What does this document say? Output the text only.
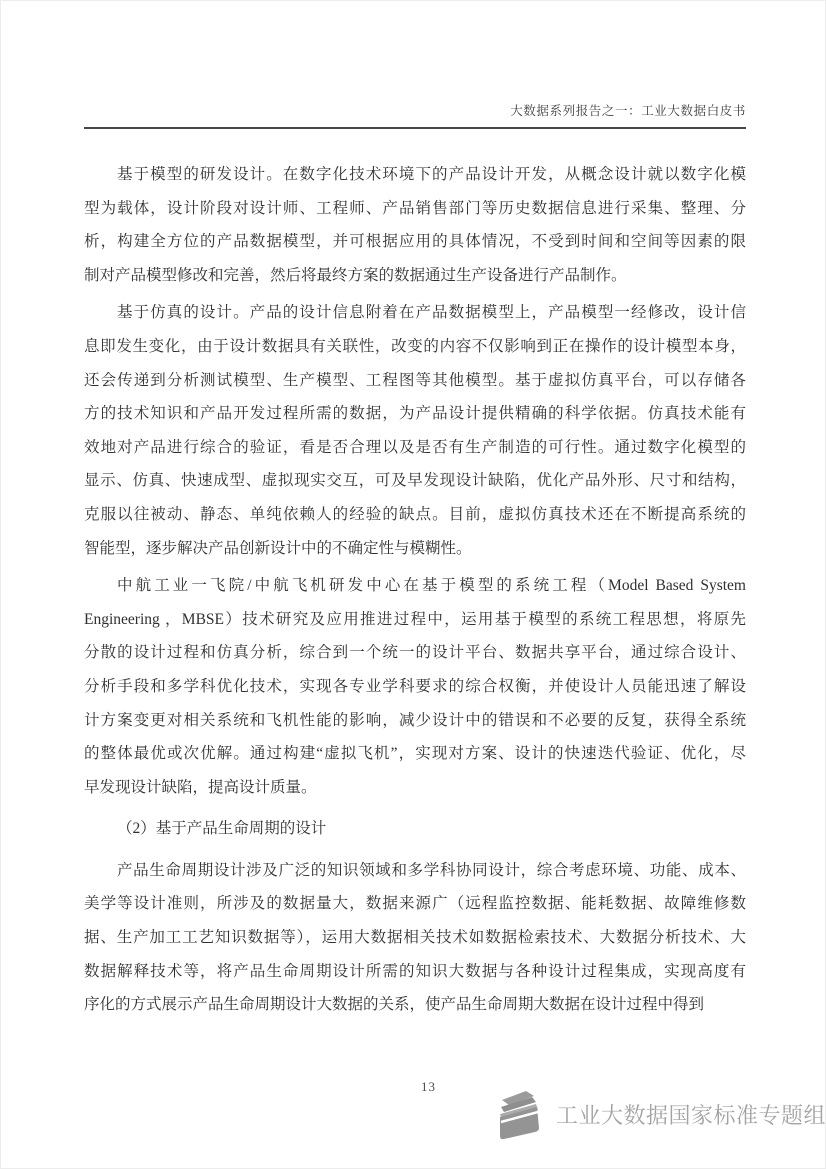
大数据系列报告之一：工业大数据白皮书
基于模型的研发设计。在数字化技术环境下的产品设计开发，从概念设计就以数字化模
型为载体，设计阶段对设计师、工程师、产品销售部门等历史数据信息进行采集、整理、分
析，构建全方位的产品数据模型，并可根据应用的具体情况，不受到时间和空间等因素的限
制对产品模型修改和完善，然后将最终方案的数据通过生产设备进行产品制作。
基于仿真的设计。产品的设计信息附着在产品数据模型上，产品模型一经修改，设计信
息即发生变化，由于设计数据具有关联性，改变的内容不仅影响到正在操作的设计模型本身，
还会传递到分析测试模型、生产模型、工程图等其他模型。基于虚拟仿真平台，可以存储各
方的技术知识和产品开发过程所需的数据，为产品设计提供精确的科学依据。仿真技术能有
效地对产品进行综合的验证，看是否合理以及是否有生产制造的可行性。通过数字化模型的
显示、仿真、快速成型、虚拟现实交互，可及早发现设计缺陷，优化产品外形、尺寸和结构，
克服以往被动、静态、单纯依赖人的经验的缺点。目前，虚拟仿真技术还在不断提高系统的
智能型，逐步解决产品创新设计中的不确定性与模糊性。
中航工业一飞院/中航飞机研发中心在基于模型的系统工程（Model Based System
Engineering ，MBSE）技术研究及应用推进过程中，运用基于模型的系统工程思想，将原先
分散的设计过程和仿真分析，综合到一个统一的设计平台、数据共享平台，通过综合设计、
分析手段和多学科优化技术，实现各专业学科要求的综合权衡，并使设计人员能迅速了解设
计方案变更对相关系统和飞机性能的影响，减少设计中的错误和不必要的反复，获得全系统
的整体最优或次优解。通过构建“虚拟飞机”，实现对方案、设计的快速迭代验证、优化，尽
早发现设计缺陷，提高设计质量。
（2）基于产品生命周期的设计
产品生命周期设计涉及广泛的知识领域和多学科协同设计，综合考虑环境、功能、成本、
美学等设计准则，所涉及的数据量大，数据来源广（远程监控数据、能耗数据、故障维修数
据、生产加工工艺知识数据等），运用大数据相关技术如数据检索技术、大数据分析技术、大
数据解释技术等，将产品生命周期设计所需的知识大数据与各种设计过程集成，实现高度有
序化的方式展示产品生命周期设计大数据的关系，使产品生命周期大数据在设计过程中得到
13
工业大数据国家标准专题组
